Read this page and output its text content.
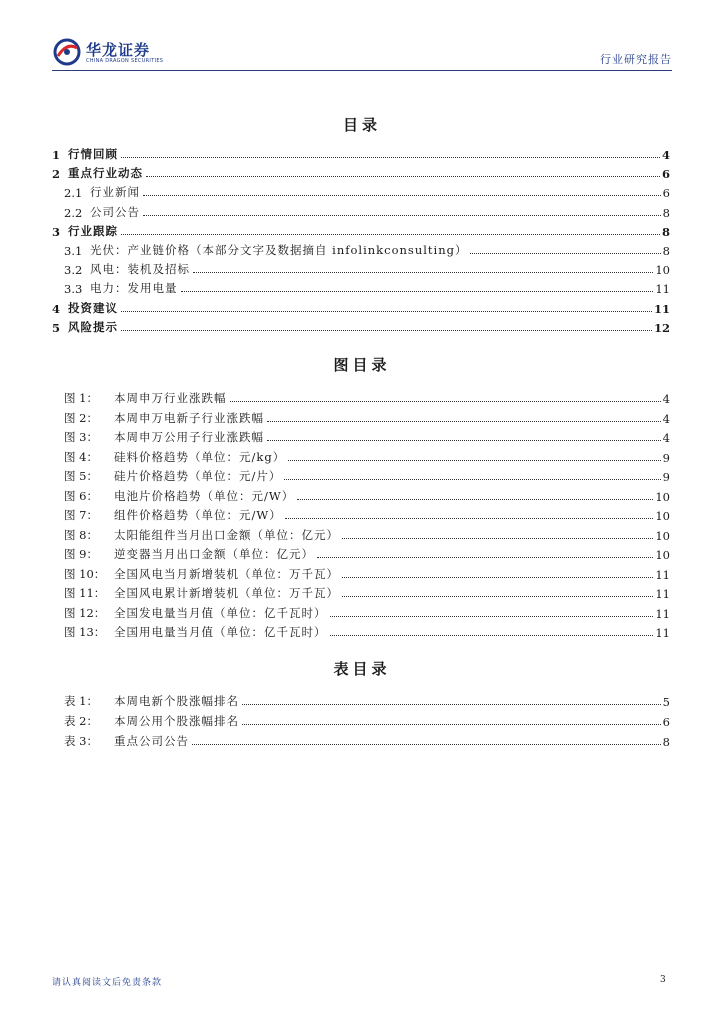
华龙证券
CHINA DRAGON SECURITIES	行业研究报告
目录
1 行情回顾	4
2 重点行业动态	6
2.1 行业新闻	6
2.2 公司公告	8
3 行业跟踪	8
3.1 光伏：产业链价格（本部分文字及数据摘自 infolinkconsulting）	8
3.2 风电：装机及招标	10
3.3 电力：发用电量	11
4 投资建议	11
5 风险提示	12
图目录
图 1：	本周申万行业涨跌幅	4
图 2：	本周申万电新子行业涨跌幅	4
图 3：	本周申万公用子行业涨跌幅	4
图 4：	硅料价格趋势（单位：元/kg）	9
图 5：	硅片价格趋势（单位：元/片）	9
图 6：	电池片价格趋势（单位：元/W）	10
图 7：	组件价格趋势（单位：元/W）	10
图 8：	太阳能组件当月出口金额（单位：亿元）	10
图 9：	逆变器当月出口金额（单位：亿元）	10
图 10： 全国风电当月新增装机（单位：万千瓦）	11
图 11： 全国风电累计新增装机（单位：万千瓦）	11
图 12： 全国发电量当月值（单位：亿千瓦时）	11
图 13： 全国用电量当月值（单位：亿千瓦时）	11
表目录
表 1：	本周电新个股涨幅排名	5
表 2：	本周公用个股涨幅排名	6
表 3：	重点公司公告	8
请认真阅读文后免责条款	3
